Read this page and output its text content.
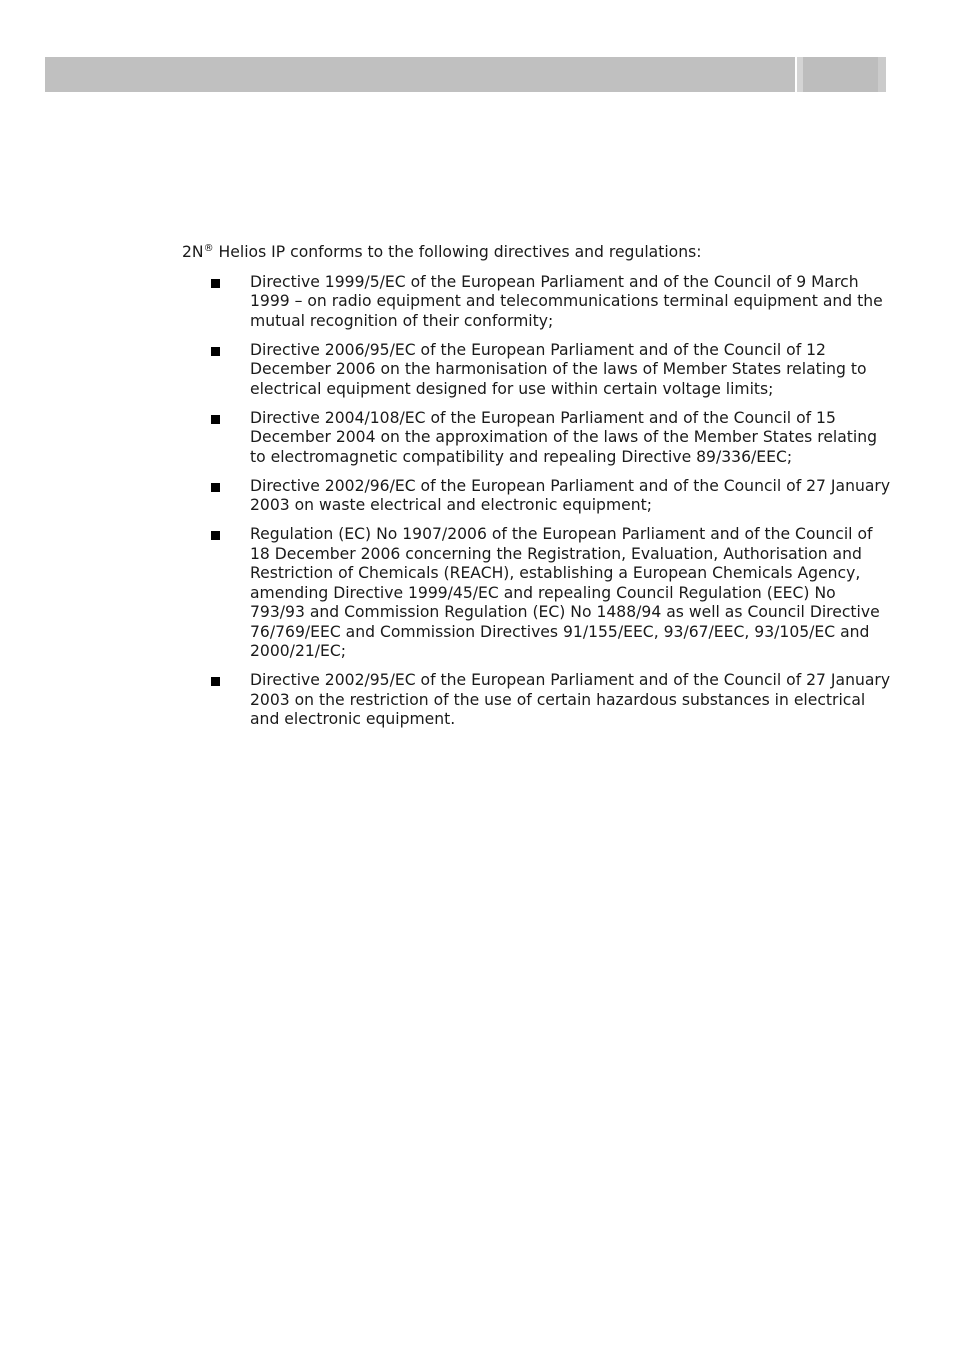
2N® Helios IP conforms to the following directives and regulations:

Directive 1999/5/EC of the European Parliament and of the Council of 9 March 1999 – on radio equipment and telecommunications terminal equipment and the mutual recognition of their conformity;
Directive 2006/95/EC of the European Parliament and of the Council of 12 December 2006 on the harmonisation of the laws of Member States relating to electrical equipment designed for use within certain voltage limits;
Directive 2004/108/EC of the European Parliament and of the Council of 15 December 2004 on the approximation of the laws of the Member States relating to electromagnetic compatibility and repealing Directive 89/336/EEC;
Directive 2002/96/EC of the European Parliament and of the Council of 27 January 2003 on waste electrical and electronic equipment;
Regulation (EC) No 1907/2006 of the European Parliament and of the Council of 18 December 2006 concerning the Registration, Evaluation, Authorisation and Restriction of Chemicals (REACH), establishing a European Chemicals Agency, amending Directive 1999/45/EC and repealing Council Regulation (EEC) No 793/93 and Commission Regulation (EC) No 1488/94 as well as Council Directive 76/769/EEC and Commission Directives 91/155/EEC, 93/67/EEC, 93/105/EC and 2000/21/EC;
Directive 2002/95/EC of the European Parliament and of the Council of 27 January 2003 on the restriction of the use of certain hazardous substances in electrical and electronic equipment.
